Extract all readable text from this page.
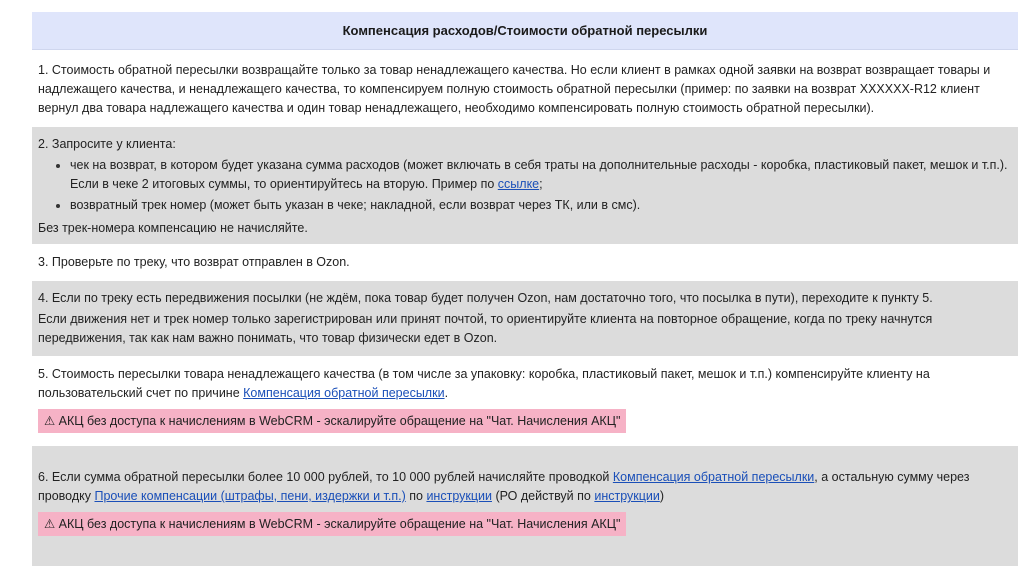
Компенсация расходов/Стоимости обратной пересылки

1. Стоимость обратной пересылки возвращайте только за товар ненадлежащего качества. Но если клиент в рамках одной заявки на возврат возвращает товары и надлежащего качества, и ненадлежащего качества, то компенсируем полную стоимость обратной пересылки (пример: по заявки на возврат XXXXXX-R12 клиент вернул два товара надлежащего качества и один товар ненадлежащего, необходимо компенсировать полную стоимость обратной пересылки).

2. Запросите у клиента:

• чек на возврат, в котором будет указана сумма расходов (может включать в себя траты на дополнительные расходы - коробка, пластиковый пакет, мешок и т.п.). Если в чеке 2 итоговых суммы, то ориентируйтесь на вторую. Пример по ссылке;
• возвратный трек номер (может быть указан в чеке; накладной, если возврат через ТК, или в смс).

Без трек-номера компенсацию не начисляйте.

3. Проверьте по треку, что возврат отправлен в Ozon.

4. Если по треку есть передвижения посылки (не ждём, пока товар будет получен Ozon, нам достаточно того, что посылка в пути), переходите к пункту 5.

Если движения нет и трек номер только зарегистрирован или принят почтой, то ориентируйте клиента на повторное обращение, когда по треку начнутся передвижения, так как нам важно понимать, что товар физически едет в Ozon.

5. Стоимость пересылки товара ненадлежащего качества (в том числе за упаковку: коробка, пластиковый пакет, мешок и т.п.) компенсируйте клиенту на пользовательский счет по причине Компенсация обратной пересылки.

⚠ АКЦ без доступа к начислениям в WebCRM - эскалируйте обращение на "Чат. Начисления АКЦ"

6. Если сумма обратной пересылки более 10 000 рублей, то 10 000 рублей начисляйте проводкой Компенсация обратной пересылки, а остальную сумму через проводку Прочие компенсации (штрафы, пени, издержки и т.п.) по инструкции (РО действуй по инструкции)

⚠ АКЦ без доступа к начислениям в WebCRM - эскалируйте обращение на "Чат. Начисления АКЦ"
